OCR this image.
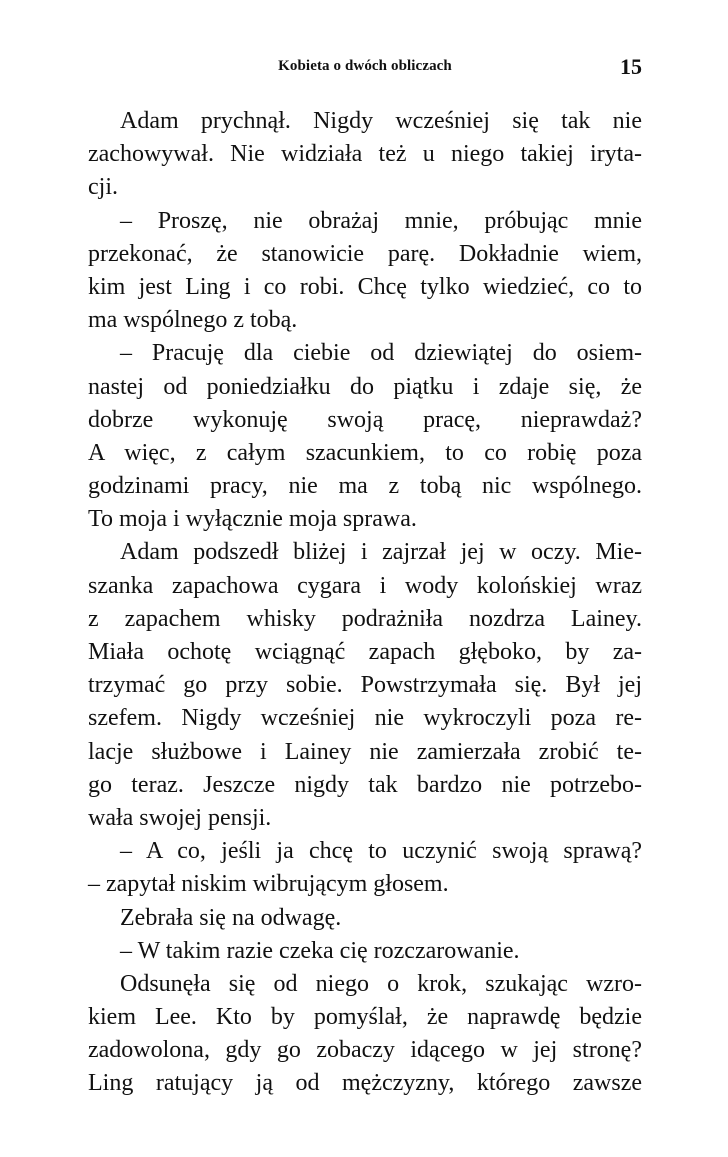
Kobieta o dwóch obliczach	15
Adam prychnął. Nigdy wcześniej się tak nie
zachowywał. Nie widziała też u niego takiej iryta-
cji.
– Proszę, nie obrażaj mnie, próbując mnie
przekonać, że stanowicie parę. Dokładnie wiem,
kim jest Ling i co robi. Chcę tylko wiedzieć, co to
ma wspólnego z tobą.
– Pracuję dla ciebie od dziewiątej do osiem-
nastej od poniedziałku do piątku i zdaje się, że
dobrze wykonuję swoją pracę, nieprawdaż?
A więc, z całym szacunkiem, to co robię poza
godzinami pracy, nie ma z tobą nic wspólnego.
To moja i wyłącznie moja sprawa.
Adam podszedł bliżej i zajrzał jej w oczy. Mie-
szanka zapachowa cygara i wody kolońskiej wraz
z zapachem whisky podrażniła nozdrza Lainey.
Miała ochotę wciągnąć zapach głęboko, by za-
trzymać go przy sobie. Powstrzymała się. Był jej
szefem. Nigdy wcześniej nie wykroczyli poza re-
lacje służbowe i Lainey nie zamierzała zrobić te-
go teraz. Jeszcze nigdy tak bardzo nie potrzebo-
wała swojej pensji.
– A co, jeśli ja chcę to uczynić swoją sprawą?
– zapytał niskim wibrującym głosem.
Zebrała się na odwagę.
– W takim razie czeka cię rozczarowanie.
Odsunęła się od niego o krok, szukając wzro-
kiem Lee. Kto by pomyślał, że naprawdę będzie
zadowolona, gdy go zobaczy idącego w jej stronę?
Ling ratujący ją od mężczyzny, którego zawsze
